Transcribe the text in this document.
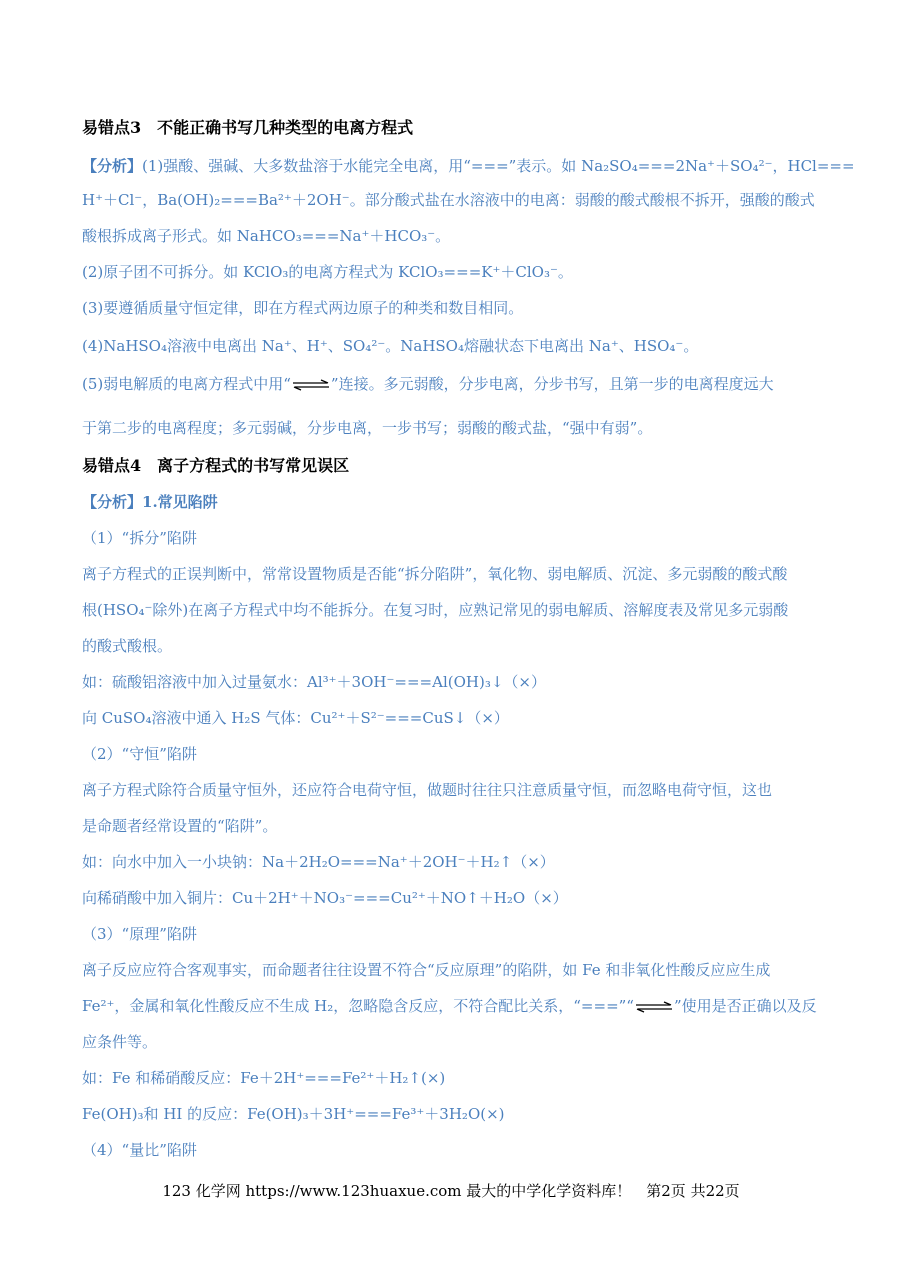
易错点3　不能正确书写几种类型的电离方程式
【分析】(1)强酸、强碱、大多数盐溶于水能完全电离，用“===”表示。如 Na₂SO₄===2Na⁺＋SO₄²⁻，HCl===
H⁺＋Cl⁻，Ba(OH)₂===Ba²⁺＋2OH⁻。部分酸式盐在水溶液中的电离：弱酸的酸式酸根不拆开，强酸的酸式
酸根拆成离子形式。如 NaHCO₃===Na⁺＋HCO₃⁻。
(2)原子团不可拆分。如 KClO₃的电离方程式为 KClO₃===K⁺＋ClO₃⁻。
(3)要遵循质量守恒定律，即在方程式两边原子的种类和数目相同。
(4)NaHSO₄溶液中电离出 Na⁺、H⁺、SO₄²⁻。NaHSO₄熔融状态下电离出 Na⁺、HSO₄⁻。
(5)弱电解质的电离方程式中用“⇌”连接。多元弱酸，分步电离，分步书写，且第一步的电离程度远大
于第二步的电离程度；多元弱碱，分步电离，一步书写；弱酸的酸式盐，“强中有弱”。
易错点4　离子方程式的书写常见误区
【分析】1.常见陷阱
（1）“拆分”陷阱
离子方程式的正误判断中，常常设置物质是否能“拆分陷阱”，氧化物、弱电解质、沉淀、多元弱酸的酸式酸
根(HSO₄⁻除外)在离子方程式中均不能拆分。在复习时，应熟记常见的弱电解质、溶解度表及常见多元弱酸
的酸式酸根。
如：硫酸铝溶液中加入过量氨水：Al³⁺＋3OH⁻===Al(OH)₃↓（×）
向 CuSO₄溶液中通入 H₂S 气体：Cu²⁺＋S²⁻===CuS↓（×）
（2）“守恒”陷阱
离子方程式除符合质量守恒外，还应符合电荷守恒，做题时往往只注意质量守恒，而忽略电荷守恒，这也
是命题者经常设置的“陷阱”。
如：向水中加入一小块钠：Na＋2H₂O===Na⁺＋2OH⁻＋H₂↑（×）
向稀硝酸中加入铜片：Cu＋2H⁺＋NO₃⁻===Cu²⁺＋NO↑＋H₂O（×）
（3）“原理”陷阱
离子反应应符合客观事实，而命题者往往设置不符合“反应原理”的陷阱，如 Fe 和非氧化性酸反应应生成
Fe²⁺，金属和氧化性酸反应不生成 H₂，忽略隐含反应，不符合配比关系，“===”“⇌”使用是否正确以及反
应条件等。
如：Fe 和稀硝酸反应：Fe＋2H⁺===Fe²⁺＋H₂↑(×)
Fe(OH)₃和 HI 的反应：Fe(OH)₃＋3H⁺===Fe³⁺＋3H₂O(×)
（4）“量比”陷阱
123 化学网 https://www.123huaxue.com 最大的中学化学资料库！　第2页 共22页
